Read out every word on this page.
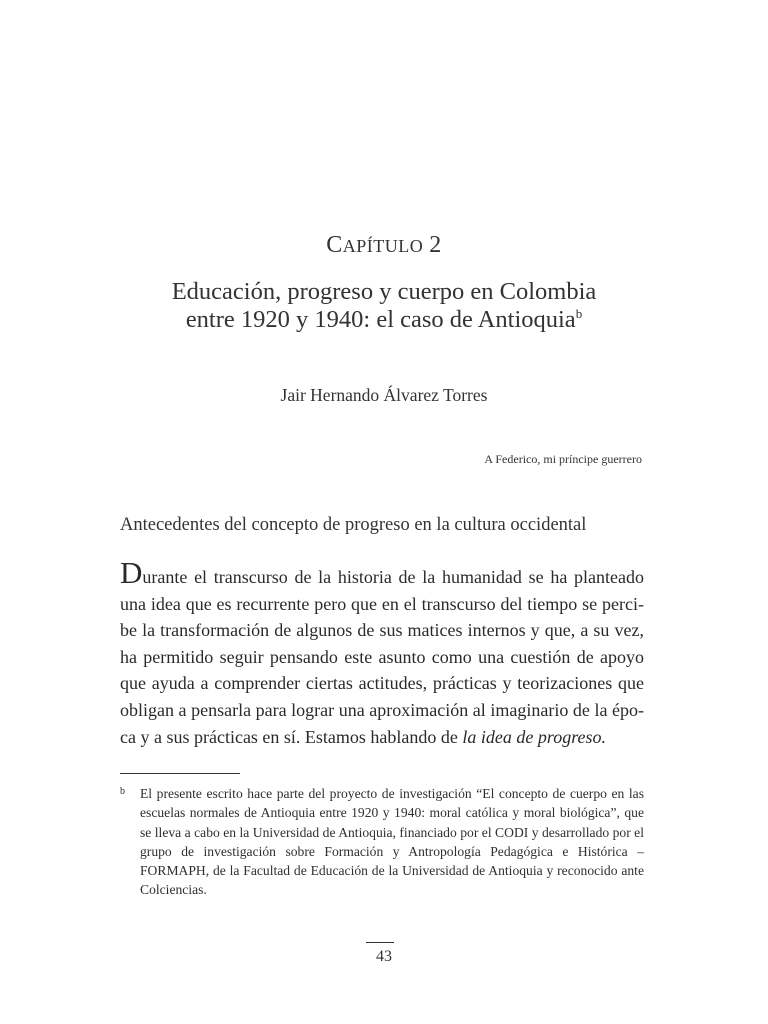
CAPÍTULO 2
Educación, progreso y cuerpo en Colombia
entre 1920 y 1940: el caso de Antioquia$^b$
Jair Hernando Álvarez Torres
A Federico, mi príncipe guerrero
Antecedentes del concepto de progreso en la cultura occidental
Durante el transcurso de la historia de la humanidad se ha planteado una idea que es recurrente pero que en el transcurso del tiempo se percibe la transformación de algunos de sus matices internos y que, a su vez, ha permitido seguir pensando este asunto como una cuestión de apoyo que ayuda a comprender ciertas actitudes, prácticas y teorizaciones que obligan a pensarla para lograr una aproximación al imaginario de la época y a sus prácticas en sí. Estamos hablando de la idea de progreso.
b El presente escrito hace parte del proyecto de investigación “El concepto de cuerpo en las escuelas normales de Antioquia entre 1920 y 1940: moral católica y moral biológica”, que se lleva a cabo en la Universidad de Antioquia, financiado por el CODI y desarrollado por el grupo de investigación sobre Formación y Antropología Pedagógica e Histórica – FORMAPH, de la Facultad de Educación de la Universidad de Antioquia y reconocido ante Colciencias.
43
